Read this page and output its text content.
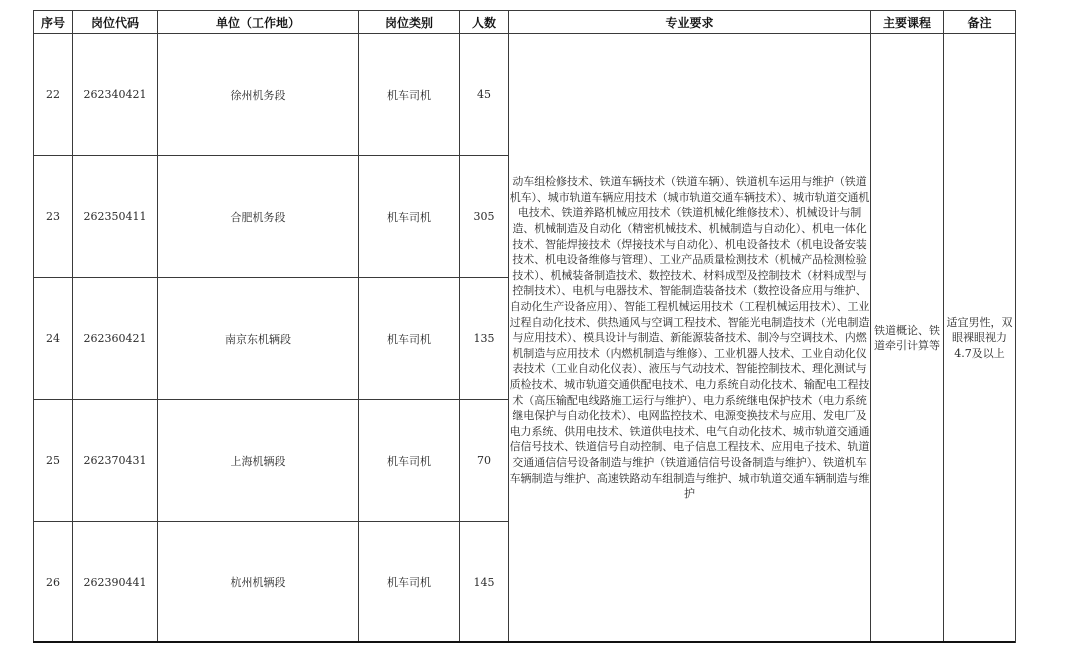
序号	岗位代码	单位（工作地）	岗位类别	人数	专业要求	主要课程	备注
22	262340421	徐州机务段	机车司机	45	动车组检修技术、铁道车辆技术（铁道车辆）、铁道机车运用与维护（铁道机车）、城市轨道车辆应用技术（城市轨道交通车辆技术）、城市轨道交通机电技术、铁道养路机械应用技术（铁道机械化维修技术）、机械设计与制造、机械制造及自动化（精密机械技术、机械制造与自动化）、机电一体化技术、智能焊接技术（焊接技术与自动化）、机电设备技术（机电设备安装技术、机电设备维修与管理）、工业产品质量检测技术（机械产品检测检验技术）、机械装备制造技术、数控技术、材料成型及控制技术（材料成型与控制技术）、电机与电器技术、智能制造装备技术（数控设备应用与维护、自动化生产设备应用）、智能工程机械运用技术（工程机械运用技术）、工业过程自动化技术、供热通风与空调工程技术、智能光电制造技术（光电制造与应用技术）、模具设计与制造、新能源装备技术、制冷与空调技术、内燃机制造与应用技术（内燃机制造与维修）、工业机器人技术、工业自动化仪表技术（工业自动化仪表）、液压与气动技术、智能控制技术、理化测试与质检技术、城市轨道交通供配电技术、电力系统自动化技术、输配电工程技术（高压输配电线路施工运行与维护）、电力系统继电保护技术（电力系统继电保护与自动化技术）、电网监控技术、电源变换技术与应用、发电厂及电力系统、供用电技术、铁道供电技术、电气自动化技术、城市轨道交通通信信号技术、铁道信号自动控制、电子信息工程技术、应用电子技术、轨道交通通信信号设备制造与维护（铁道通信信号设备制造与维护）、铁道机车车辆制造与维护、高速铁路动车组制造与维护、城市轨道交通车辆制造与维护	铁道概论、铁道牵引计算等	适宜男性，双眼裸眼视力4.7及以上
23	262350411	合肥机务段	机车司机	305			
24	262360421	南京东机辆段	机车司机	135			
25	262370431	上海机辆段	机车司机	70			
26	262390441	杭州机辆段	机车司机	145			
